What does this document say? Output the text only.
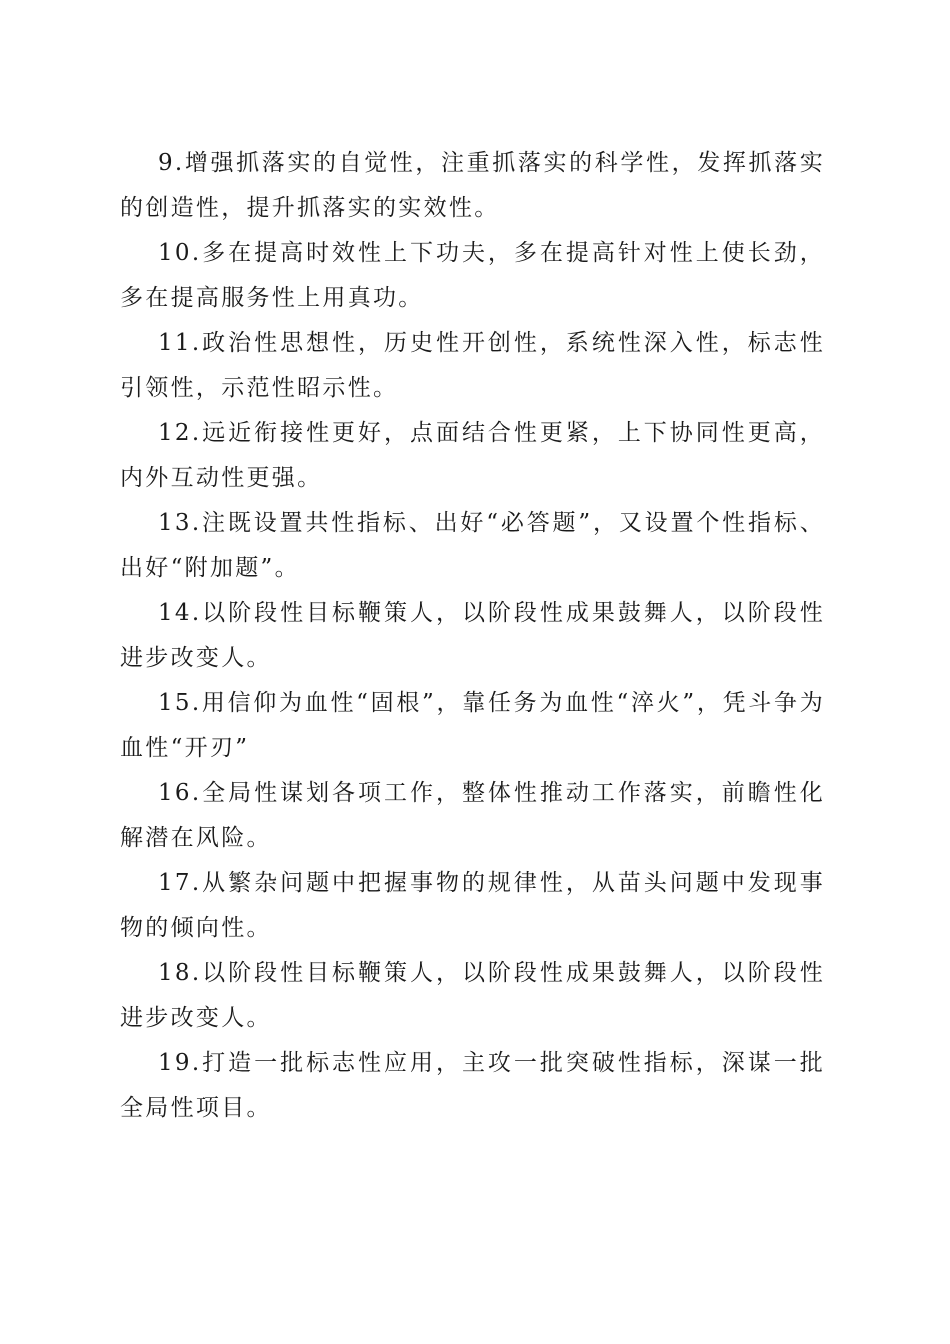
9.增强抓落实的自觉性，注重抓落实的科学性，发挥抓落实的创造性，提升抓落实的实效性。

10.多在提高时效性上下功夫，多在提高针对性上使长劲，多在提高服务性上用真功。

11.政治性思想性，历史性开创性，系统性深入性，标志性引领性，示范性昭示性。

12.远近衔接性更好，点面结合性更紧，上下协同性更高，内外互动性更强。

13.注既设置共性指标、出好“必答题”，又设置个性指标、出好“附加题”。

14.以阶段性目标鞭策人，以阶段性成果鼓舞人，以阶段性进步改变人。

15.用信仰为血性“固根”，靠任务为血性“淬火”，凭斗争为血性“开刃”

16.全局性谋划各项工作，整体性推动工作落实，前瞻性化解潜在风险。

17.从繁杂问题中把握事物的规律性，从苗头问题中发现事物的倾向性。

18.以阶段性目标鞭策人，以阶段性成果鼓舞人，以阶段性进步改变人。

19.打造一批标志性应用，主攻一批突破性指标，深谋一批全局性项目。
